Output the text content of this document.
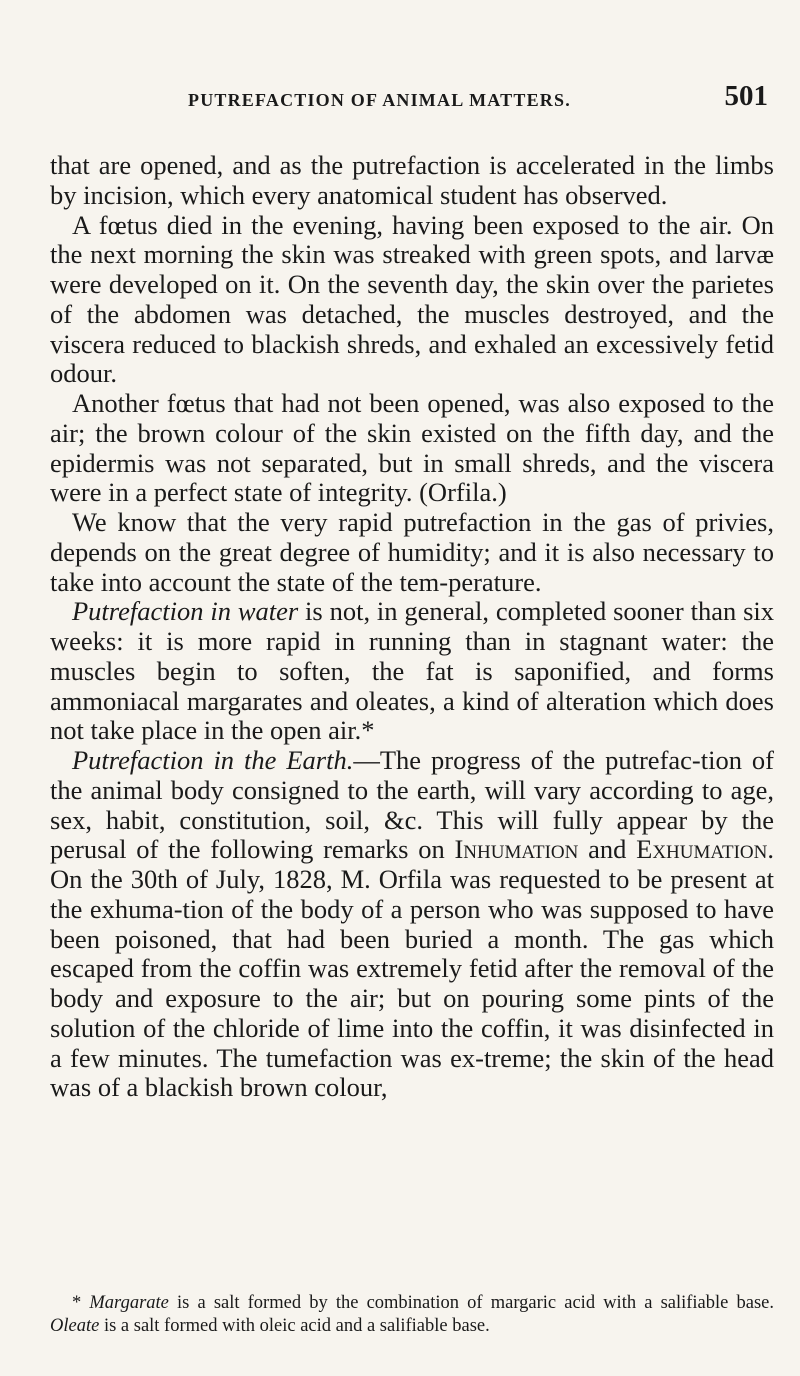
PUTREFACTION OF ANIMAL MATTERS.	501

that are opened, and as the putrefaction is accelerated in the limbs by incision, which every anatomical student has observed.

A fœtus died in the evening, having been exposed to the air. On the next morning the skin was streaked with green spots, and larvæ were developed on it. On the seventh day, the skin over the parietes of the abdomen was detached, the muscles destroyed, and the viscera reduced to blackish shreds, and exhaled an excessively fetid odour.

Another fœtus that had not been opened, was also exposed to the air; the brown colour of the skin existed on the fifth day, and the epidermis was not separated, but in small shreds, and the viscera were in a perfect state of integrity. (Orfila.)

We know that the very rapid putrefaction in the gas of privies, depends on the great degree of humidity; and it is also necessary to take into account the state of the tem-perature.

Putrefaction in water is not, in general, completed sooner than six weeks: it is more rapid in running than in stagnant water: the muscles begin to soften, the fat is saponified, and forms ammoniacal margarates and oleates, a kind of alteration which does not take place in the open air.*

Putrefaction in the Earth.—The progress of the putrefac-tion of the animal body consigned to the earth, will vary according to age, sex, habit, constitution, soil, &c. This will fully appear by the perusal of the following remarks on Inhumation and Exhumation. On the 30th of July, 1828, M. Orfila was requested to be present at the exhuma-tion of the body of a person who was supposed to have been poisoned, that had been buried a month. The gas which escaped from the coffin was extremely fetid after the removal of the body and exposure to the air; but on pouring some pints of the solution of the chloride of lime into the coffin, it was disinfected in a few minutes. The tumefaction was ex-treme; the skin of the head was of a blackish brown colour,

* Margarate is a salt formed by the combination of margaric acid with a salifiable base. Oleate is a salt formed with oleic acid and a salifiable base.
